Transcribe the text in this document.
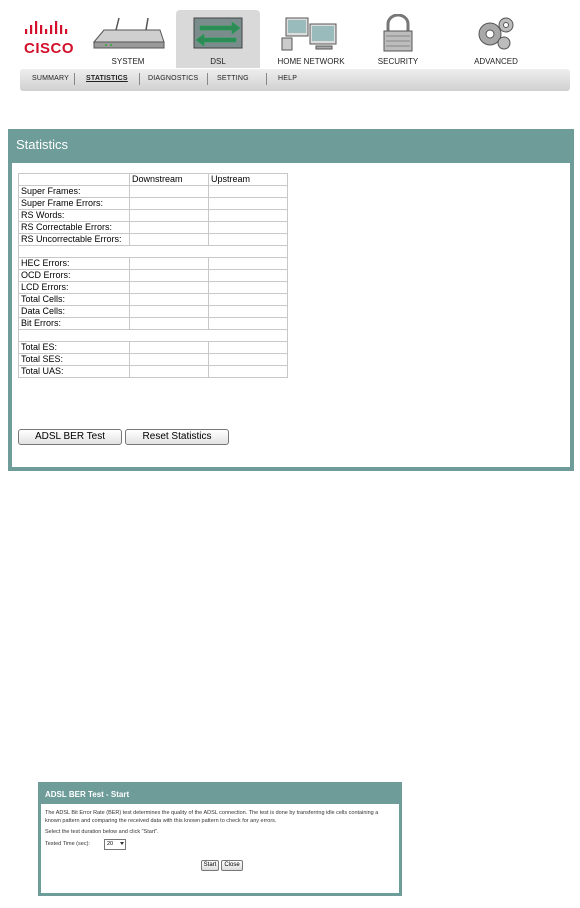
CISCO
SYSTEM	DSL	HOME NETWORK	SECURITY	ADVANCED
SUMMARY STATISTICS	DIAGNOSTICS	SETTING	HELP
Statistics
	Downstream	Upstream
Super Frames:		
Super Frame Errors:		
RS Words:		
RS Correctable Errors:		
RS Uncorrectable Errors:		

HEC Errors:		
OCD Errors:		
LCD Errors:		
Total Cells:		
Data Cells:		
Bit Errors:		

Total ES:		
Total SES:		
Total UAS:		
ADSL BER Test	Reset Statistics
ADSL BER Test - Start
The ADSL Bit Error Rate (BER) test determines the quality of the ADSL connection. The test is done by transferring idle cells containing a known pattern and comparing the received data with this known pattern to check for any errors.
Select the test duration below and click "Start".
Tested Time (sec):	20
Start	Close
